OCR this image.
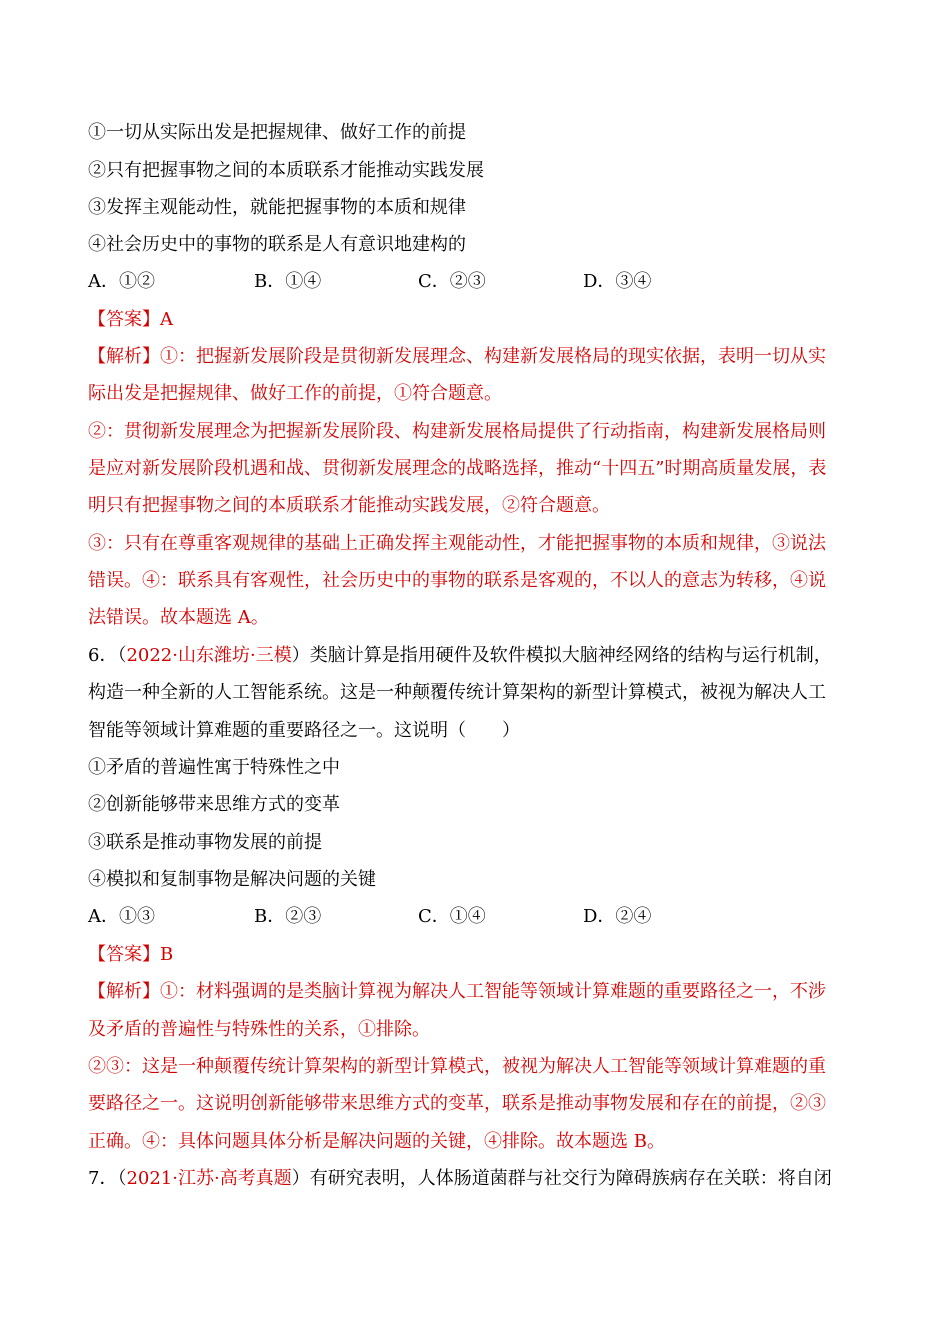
①一切从实际出发是把握规律、做好工作的前提
②只有把握事物之间的本质联系才能推动实践发展
③发挥主观能动性，就能把握事物的本质和规律
④社会历史中的事物的联系是人有意识地建构的
A．①②	B．①④	C．②③	D．③④
【答案】A
【解析】①：把握新发展阶段是贯彻新发展理念、构建新发展格局的现实依据，表明一切从实
际出发是把握规律、做好工作的前提，①符合题意。
②：贯彻新发展理念为把握新发展阶段、构建新发展格局提供了行动指南，构建新发展格局则
是应对新发展阶段机遇和战、贯彻新发展理念的战略选择，推动“十四五”时期高质量发展，表
明只有把握事物之间的本质联系才能推动实践发展，②符合题意。
③：只有在尊重客观规律的基础上正确发挥主观能动性，才能把握事物的本质和规律，③说法
错误。④：联系具有客观性，社会历史中的事物的联系是客观的，不以人的意志为转移，④说
法错误。故本题选 A。
6．（2022·山东潍坊·三模）类脑计算是指用硬件及软件模拟大脑神经网络的结构与运行机制，
构造一种全新的人工智能系统。这是一种颠覆传统计算架构的新型计算模式，被视为解决人工
智能等领域计算难题的重要路径之一。这说明（　　）
①矛盾的普遍性寓于特殊性之中
②创新能够带来思维方式的变革
③联系是推动事物发展的前提
④模拟和复制事物是解决问题的关键
A．①③	B．②③	C．①④	D．②④
【答案】B
【解析】①：材料强调的是类脑计算视为解决人工智能等领域计算难题的重要路径之一，不涉
及矛盾的普遍性与特殊性的关系，①排除。
②③：这是一种颠覆传统计算架构的新型计算模式，被视为解决人工智能等领域计算难题的重
要路径之一。这说明创新能够带来思维方式的变革，联系是推动事物发展和存在的前提，②③
正确。④：具体问题具体分析是解决问题的关键，④排除。故本题选 B。
7．（2021·江苏·高考真题）有研究表明，人体肠道菌群与社交行为障碍族病存在关联：将自闭
